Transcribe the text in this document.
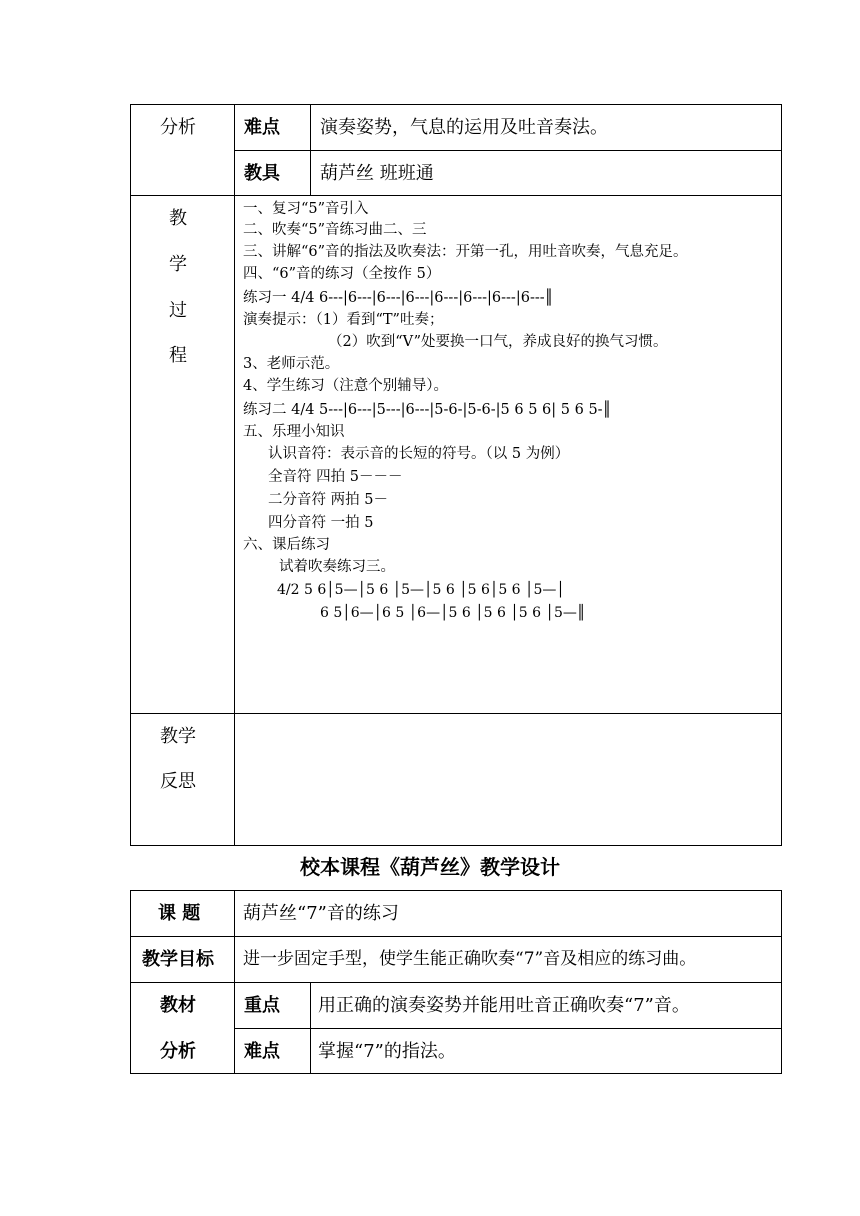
分析	难点 演奏姿势，气息的运用及吐音奏法。
教具 葫芦丝 班班通
教
学
过
程
一、复习“5”音引入
二、吹奏“5”音练习曲二、三
三、讲解“6”音的指法及吹奏法：开第一孔，用吐音吹奏，气息充足。
四、“6”音的练习（全按作 5）
练习一 4/4 6---|6---|6---|6---|6---|6---|6---|6---║
演奏提示：（1）看到“T”吐奏；
（2）吹到“V”处要换一口气，养成良好的换气习惯。
3、老师示范。
4、学生练习（注意个别辅导）。
练习二 4/4 5---|6---|5---|6---|5-6-|5-6-|5 6 5 6| 5 6 5-║
五、乐理小知识
认识音符：表示音的长短的符号。（以 5 为例）
全音符 四拍 5－－－
二分音符 两拍 5－
四分音符 一拍 5
六、课后练习
试着吹奏练习三。
4/2 5 6│5—│5 6 │5—│5 6 │5 6│5 6 │5—│
6 5│6—│6 5 │6—│5 6 │5 6 │5 6 │5—║
教学
反思
校本课程《葫芦丝》教学设计
课 题 葫芦丝“7”音的练习
教学目标 进一步固定手型，使学生能正确吹奏“7”音及相应的练习曲。
教材
分析
重点 用正确的演奏姿势并能用吐音正确吹奏“7”音。
难点 掌握“7”的指法。
